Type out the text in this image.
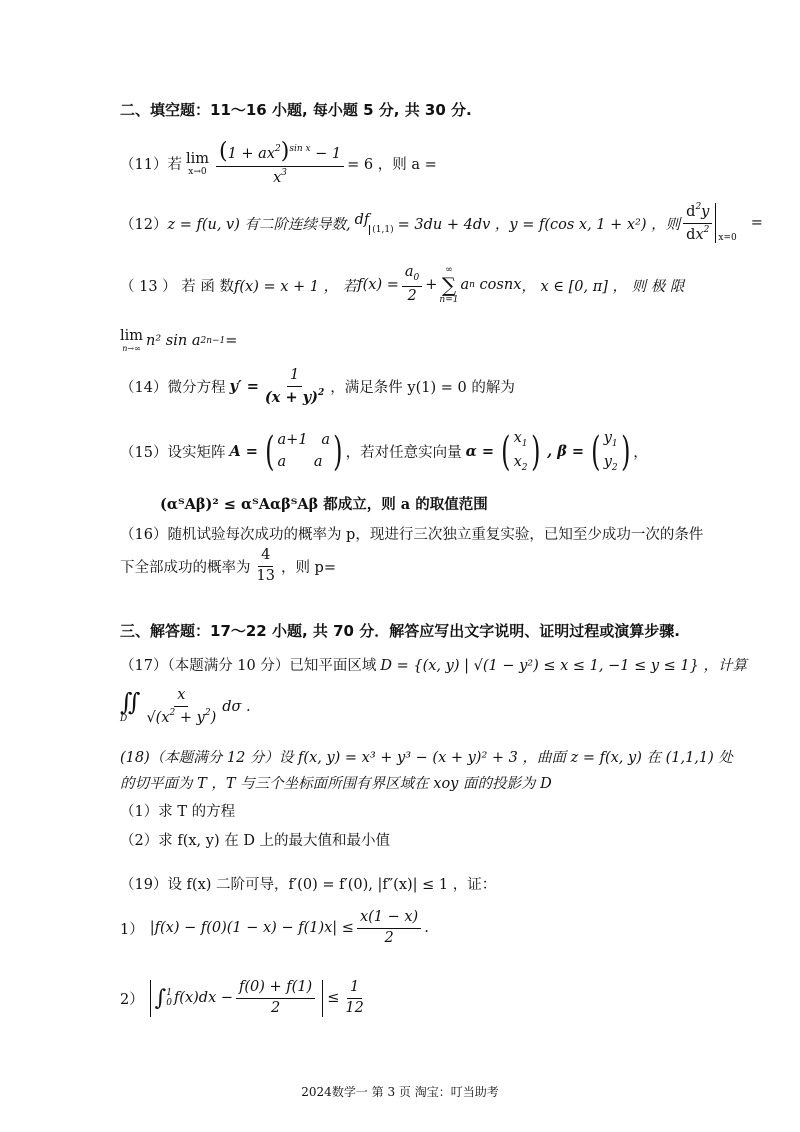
二、填空题：11～16 小题, 每小题 5 分, 共 30 分.
（11）若 lim
$x\to 0 \frac{(1 + ax^2)^{sin x} - 1}{x^3} = 6$ ，则 a =
（12） z = f(u, v) 有二阶连续导数, $df_{(1,1)} = 3du + 4dv$ ，y = f(cos x, 1 + x²) ，则 $\frac{d^2y}{dx^2} x=0$
=
（ 13 ） 若 函 数 f(x) = x + 1 ， 若 f ( x ) = $\frac{a_0}{2}$ +
∞
∑
n=1
a n cos nx ， x ∈ [0, π] ， 则 极 限
lim
n→∞ n² sin a 2n−1 =
（14）微分方程 $y' = \frac{1}{(x + y)^2}$ ，满足条件 y(1) = 0 的解为
（15）设实矩阵 A = ( a+1   a
a a ) ，若对任意实向量 α = ( $x_1$
$x_2$ ) , β = ( $y_1$
$y_2$ ) ，
(αᵀAβ)² ≤ αᵀAαβᵀAβ 都成立，则 a 的取值范围
（16）随机试验每次成功的概率为 p，现进行三次独立重复实验，已知至少成功一次的条件
下全部成功的概率为 $\frac{4}{13}$ ，则 p=
三、解答题：17～22 小题, 共 70 分．解答应写出文字说明、证明过程或演算步骤.
（17）（本题满分 10 分）已知平面区域 D = {(x, y) | √(1 − y²) ≤ x ≤ 1, −1 ≤ y ≤ 1} ，计算
∬
D $\frac{x}{√(x^2 + y^2)}$ dσ .
(18)（本题满分 12 分）设 f(x, y) = x³ + y³ − (x + y)² + 3 ，曲面 z = f(x, y) 在 (1,1,1) 处
的切平面为 T ，T 与三个坐标面所围有界区域在 xoy 面的投影为 D
（1）求 T 的方程
（2）求 f(x, y) 在 D 上的最大值和最小值
（19）设 f(x) 二阶可导，f′(0) = f′(0), |f″(x)| ≤ 1 ，证：
1） $|f(x) - f(0)(1 - x) - f(1)x| \le \frac{x(1 - x)}{2}$ .
2） ∫ 1
0 $f(x)dx - \frac{f(0) + f(1)}{2} \le \frac{1}{12}$
2024数学一 第 3 页 淘宝：叮当助考
